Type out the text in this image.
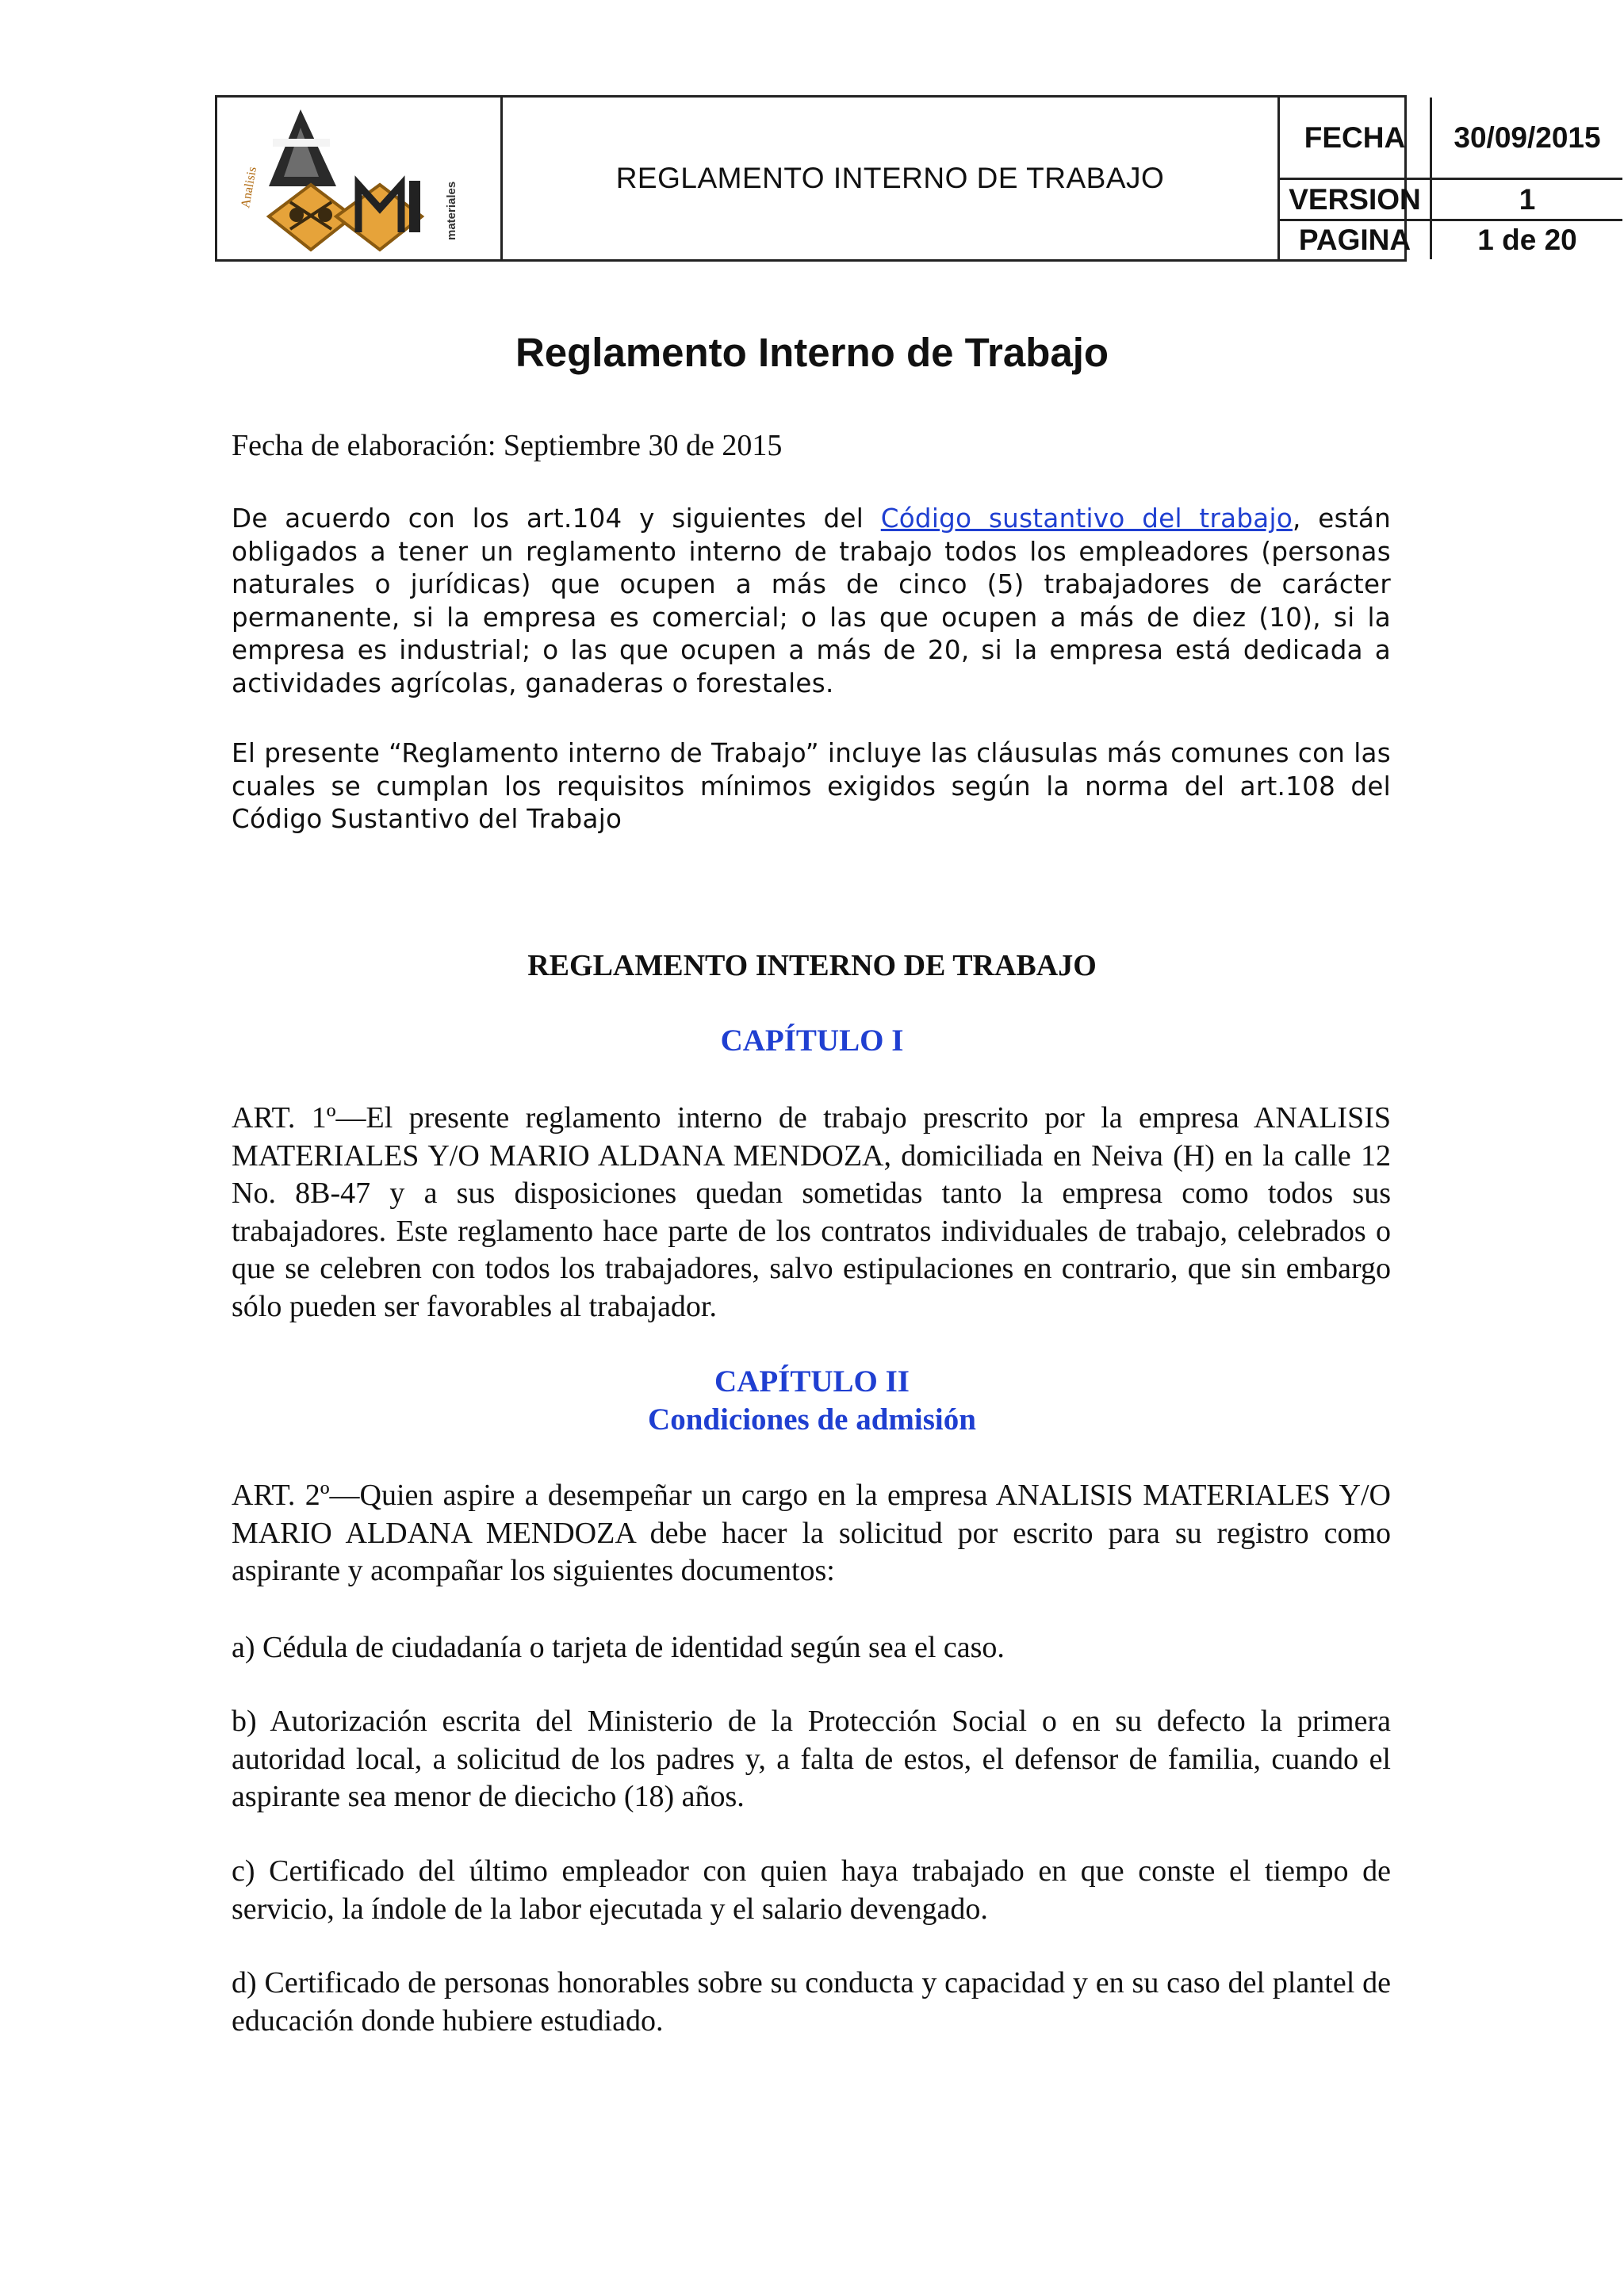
Analisis	materiales
REGLAMENTO INTERNO DE TRABAJO
FECHA	30/09/2015
VERSION	1
PAGINA	1 de 20
Reglamento Interno de Trabajo
Fecha de elaboración: Septiembre 30 de 2015
De acuerdo con los art.104 y siguientes del Código sustantivo del trabajo, están obligados a tener un reglamento interno de trabajo todos los empleadores (personas naturales o jurídicas) que ocupen a más de cinco (5) trabajadores de carácter permanente, si la empresa es comercial; o las que ocupen a más de diez (10), si la empresa es industrial; o las que ocupen a más de 20, si la empresa está dedicada a actividades agrícolas, ganaderas o forestales.
El presente “Reglamento interno de Trabajo” incluye las cláusulas más comunes con las cuales se cumplan los requisitos mínimos exigidos según la norma del art.108 del Código Sustantivo del Trabajo
REGLAMENTO INTERNO DE TRABAJO
CAPÍTULO I
ART. 1º—El presente reglamento interno de trabajo prescrito por la empresa ANALISIS MATERIALES Y/O MARIO ALDANA MENDOZA, domiciliada en Neiva (H) en la calle 12 No. 8B-47 y a sus disposiciones quedan sometidas tanto la empresa como todos sus trabajadores. Este reglamento hace parte de los contratos individuales de trabajo, celebrados o que se celebren con todos los trabajadores, salvo estipulaciones en contrario, que sin embargo sólo pueden ser favorables al trabajador.
CAPÍTULO II
Condiciones de admisión
ART. 2º—Quien aspire a desempeñar un cargo en la empresa ANALISIS MATERIALES Y/O MARIO ALDANA MENDOZA debe hacer la solicitud por escrito para su registro como aspirante y acompañar los siguientes documentos:
a) Cédula de ciudadanía o tarjeta de identidad según sea el caso.
b) Autorización escrita del Ministerio de la Protección Social o en su defecto la primera autoridad local, a solicitud de los padres y, a falta de estos, el defensor de familia, cuando el aspirante sea menor de diecicho (18) años.
c) Certificado del último empleador con quien haya trabajado en que conste el tiempo de servicio, la índole de la labor ejecutada y el salario devengado.
d) Certificado de personas honorables sobre su conducta y capacidad y en su caso del plantel de educación donde hubiere estudiado.
